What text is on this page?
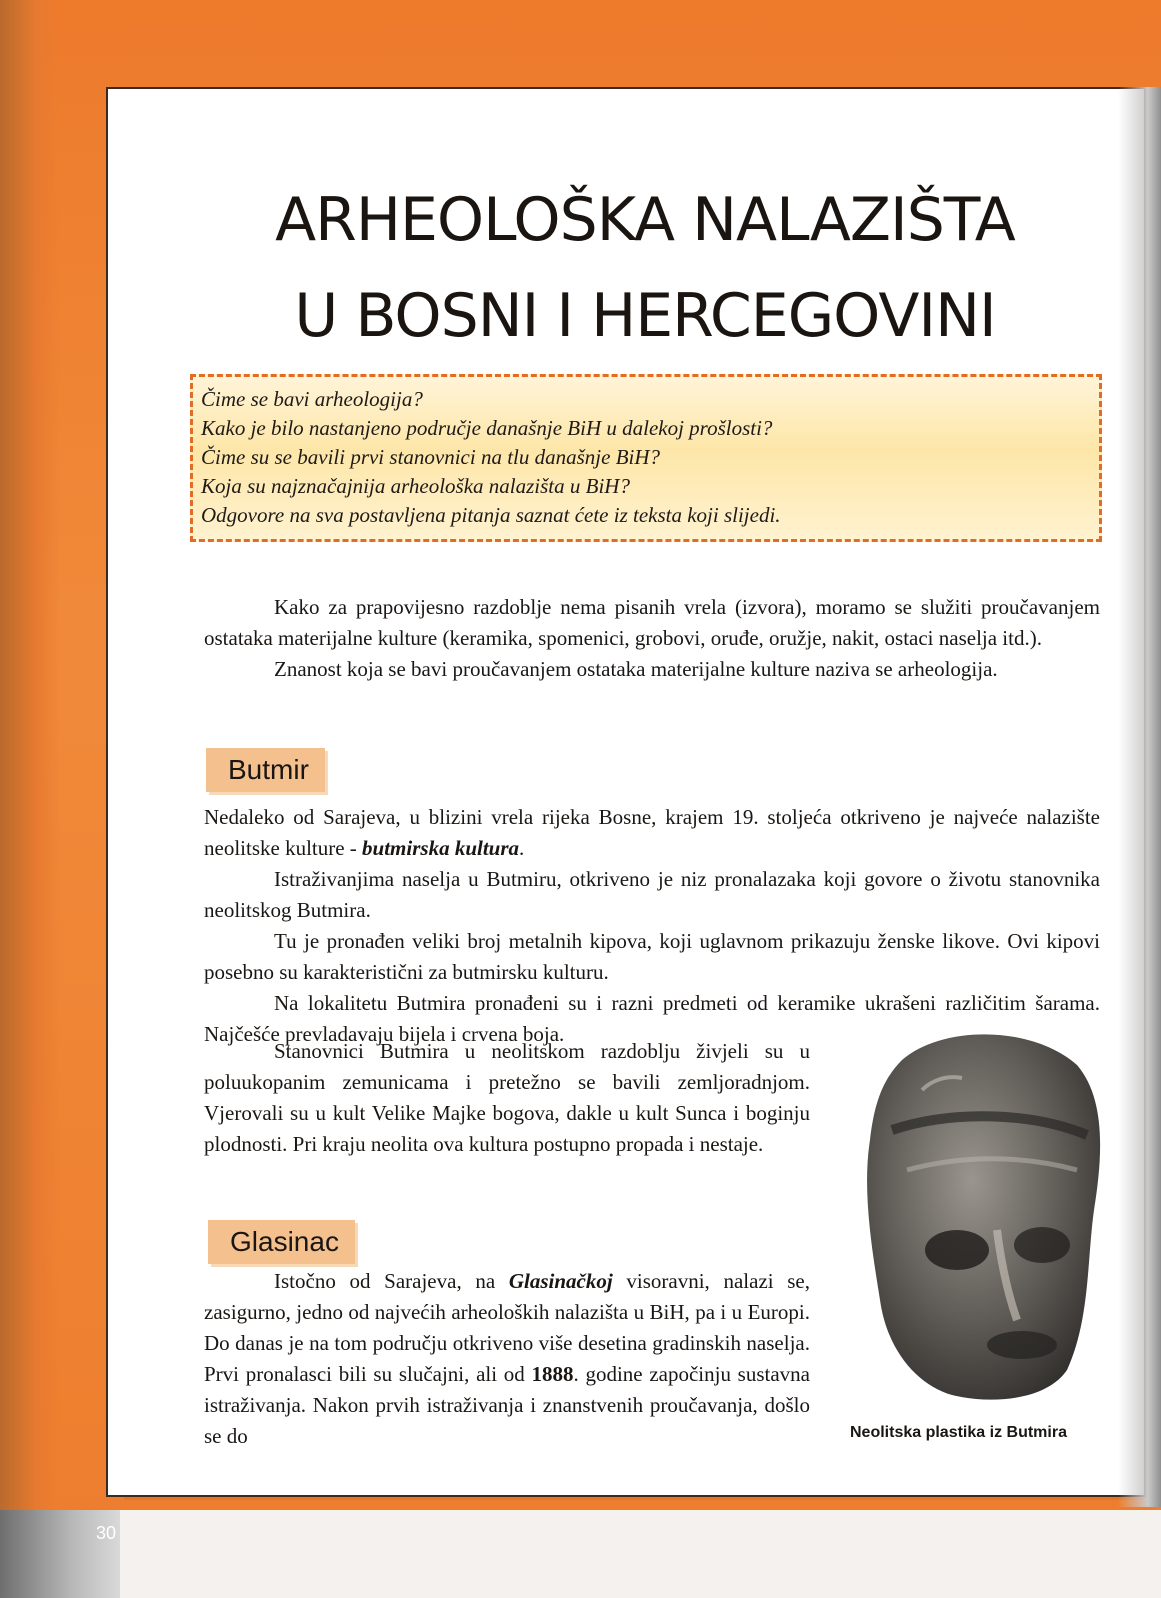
30
ARHEOLOŠKA NALAZIŠTA
U BOSNI I HERCEGOVINI

Čime se bavi arheologija?

Kako je bilo nastanjeno područje današnje BiH u dalekoj prošlosti?

Čime su se bavili prvi stanovnici na tlu današnje BiH?

Koja su najznačajnija arheološka nalazišta u BiH?

Odgovore na sva postavljena pitanja saznat ćete iz teksta koji slijedi.

Kako za prapovijesno razdoblje nema pisanih vrela (izvora), moramo se služiti proučavanjem ostataka materijalne kulture (keramika, spomenici, grobovi, oruđe, oružje, nakit, ostaci naselja itd.).

Znanost koja se bavi proučavanjem ostataka materijalne kulture naziva se arheologija.

Butmir

Nedaleko od Sarajeva, u blizini vrela rijeka Bosne, krajem 19. stoljeća otkriveno je najveće nalazište neolitske kulture - butmirska kultura.

Istraživanjima naselja u Butmiru, otkriveno je niz pronalazaka koji govore o životu stanovnika neolitskog Butmira.

Tu je pronađen veliki broj metalnih kipova, koji uglavnom prikazuju ženske likove. Ovi kipovi posebno su karakteristični za butmirsku kulturu.

Na lokalitetu Butmira pronađeni su i razni predmeti od keramike ukrašeni različitim šarama. Najčešće prevladavaju bijela i crvena boja.

Stanovnici Butmira u neolitskom razdoblju živjeli su u poluukopanim zemunicama i pretežno se bavili zemljoradnjom. Vjerovali su u kult Velike Majke bogova, dakle u kult Sunca i boginju plodnosti. Pri kraju neolita ova kultura postupno propada i nestaje.

Glasinac

Istočno od Sarajeva, na Glasinačkoj visoravni, nalazi se, zasigurno, jedno od najvećih arheoloških nalazišta u BiH, pa i u Europi. Do danas je na tom području otkriveno više desetina gradinskih naselja. Prvi pronalasci bili su slučajni, ali od 1888. godine započinju sustavna istraživanja. Nakon prvih istraživanja i znanstvenih proučavanja, došlo se do	Neolitska plastika iz Butmira
